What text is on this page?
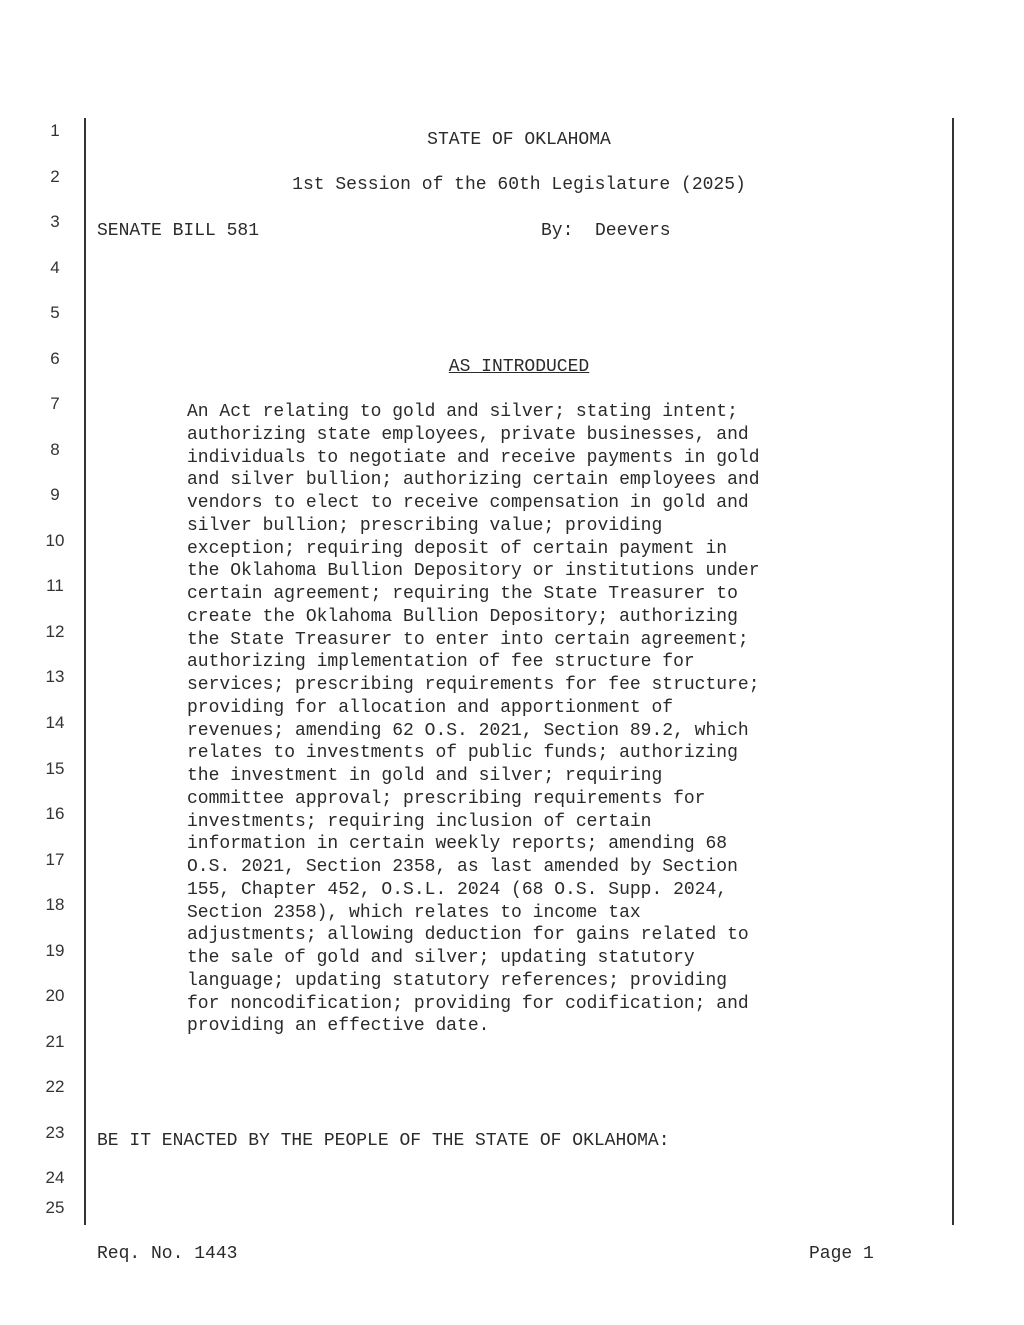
1
2
3
4
5
6
7
8
9
10
11
12
13
14
15
16
17
18
19
20
21
22
23
24
25
STATE OF OKLAHOMA
1st Session of the 60th Legislature (2025)
SENATE BILL 581	By: Deevers
AS INTRODUCED
An Act relating to gold and silver; stating intent;
authorizing state employees, private businesses, and
individuals to negotiate and receive payments in gold
and silver bullion; authorizing certain employees and
vendors to elect to receive compensation in gold and
silver bullion; prescribing value; providing
exception; requiring deposit of certain payment in
the Oklahoma Bullion Depository or institutions under
certain agreement; requiring the State Treasurer to
create the Oklahoma Bullion Depository; authorizing
the State Treasurer to enter into certain agreement;
authorizing implementation of fee structure for
services; prescribing requirements for fee structure;
providing for allocation and apportionment of
revenues; amending 62 O.S. 2021, Section 89.2, which
relates to investments of public funds; authorizing
the investment in gold and silver; requiring
committee approval; prescribing requirements for
investments; requiring inclusion of certain
information in certain weekly reports; amending 68
O.S. 2021, Section 2358, as last amended by Section
155, Chapter 452, O.S.L. 2024 (68 O.S. Supp. 2024,
Section 2358), which relates to income tax
adjustments; allowing deduction for gains related to
the sale of gold and silver; updating statutory
language; updating statutory references; providing
for noncodification; providing for codification; and
providing an effective date.
BE IT ENACTED BY THE PEOPLE OF THE STATE OF OKLAHOMA:
Req. No. 1443	Page 1
